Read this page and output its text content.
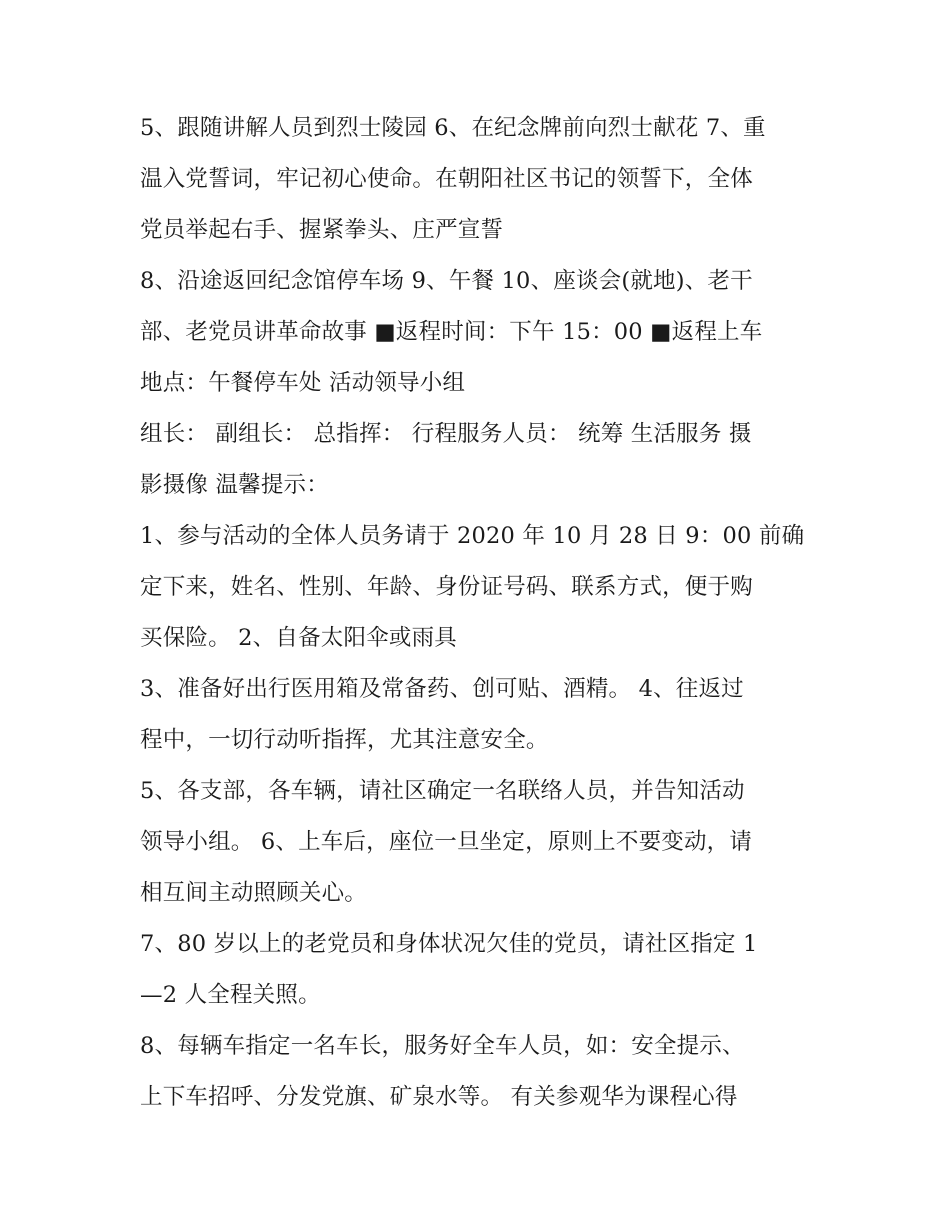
5、跟随讲解人员到烈士陵园 6、在纪念牌前向烈士献花 7、重
温入党誓词，牢记初心使命。在朝阳社区书记的领誓下，全体
党员举起右手、握紧拳头、庄严宣誓
8、沿途返回纪念馆停车场 9、午餐 10、座谈会(就地)、老干
部、老党员讲革命故事 ■返程时间：下午 15：00 ■返程上车
地点：午餐停车处 活动领导小组
组长： 副组长： 总指挥： 行程服务人员： 统筹 生活服务 摄
影摄像 温馨提示：
1、参与活动的全体人员务请于 2020 年 10 月 28 日 9：00 前确
定下来，姓名、性别、年龄、身份证号码、联系方式，便于购
买保险。 2、自备太阳伞或雨具
3、准备好出行医用箱及常备药、创可贴、酒精。 4、往返过
程中，一切行动听指挥，尤其注意安全。
5、各支部，各车辆，请社区确定一名联络人员，并告知活动
领导小组。 6、上车后，座位一旦坐定，原则上不要变动，请
相互间主动照顾关心。
7、80 岁以上的老党员和身体状况欠佳的党员，请社区指定 1
—2 人全程关照。
8、每辆车指定一名车长，服务好全车人员，如：安全提示、
上下车招呼、分发党旗、矿泉水等。 有关参观华为课程心得
